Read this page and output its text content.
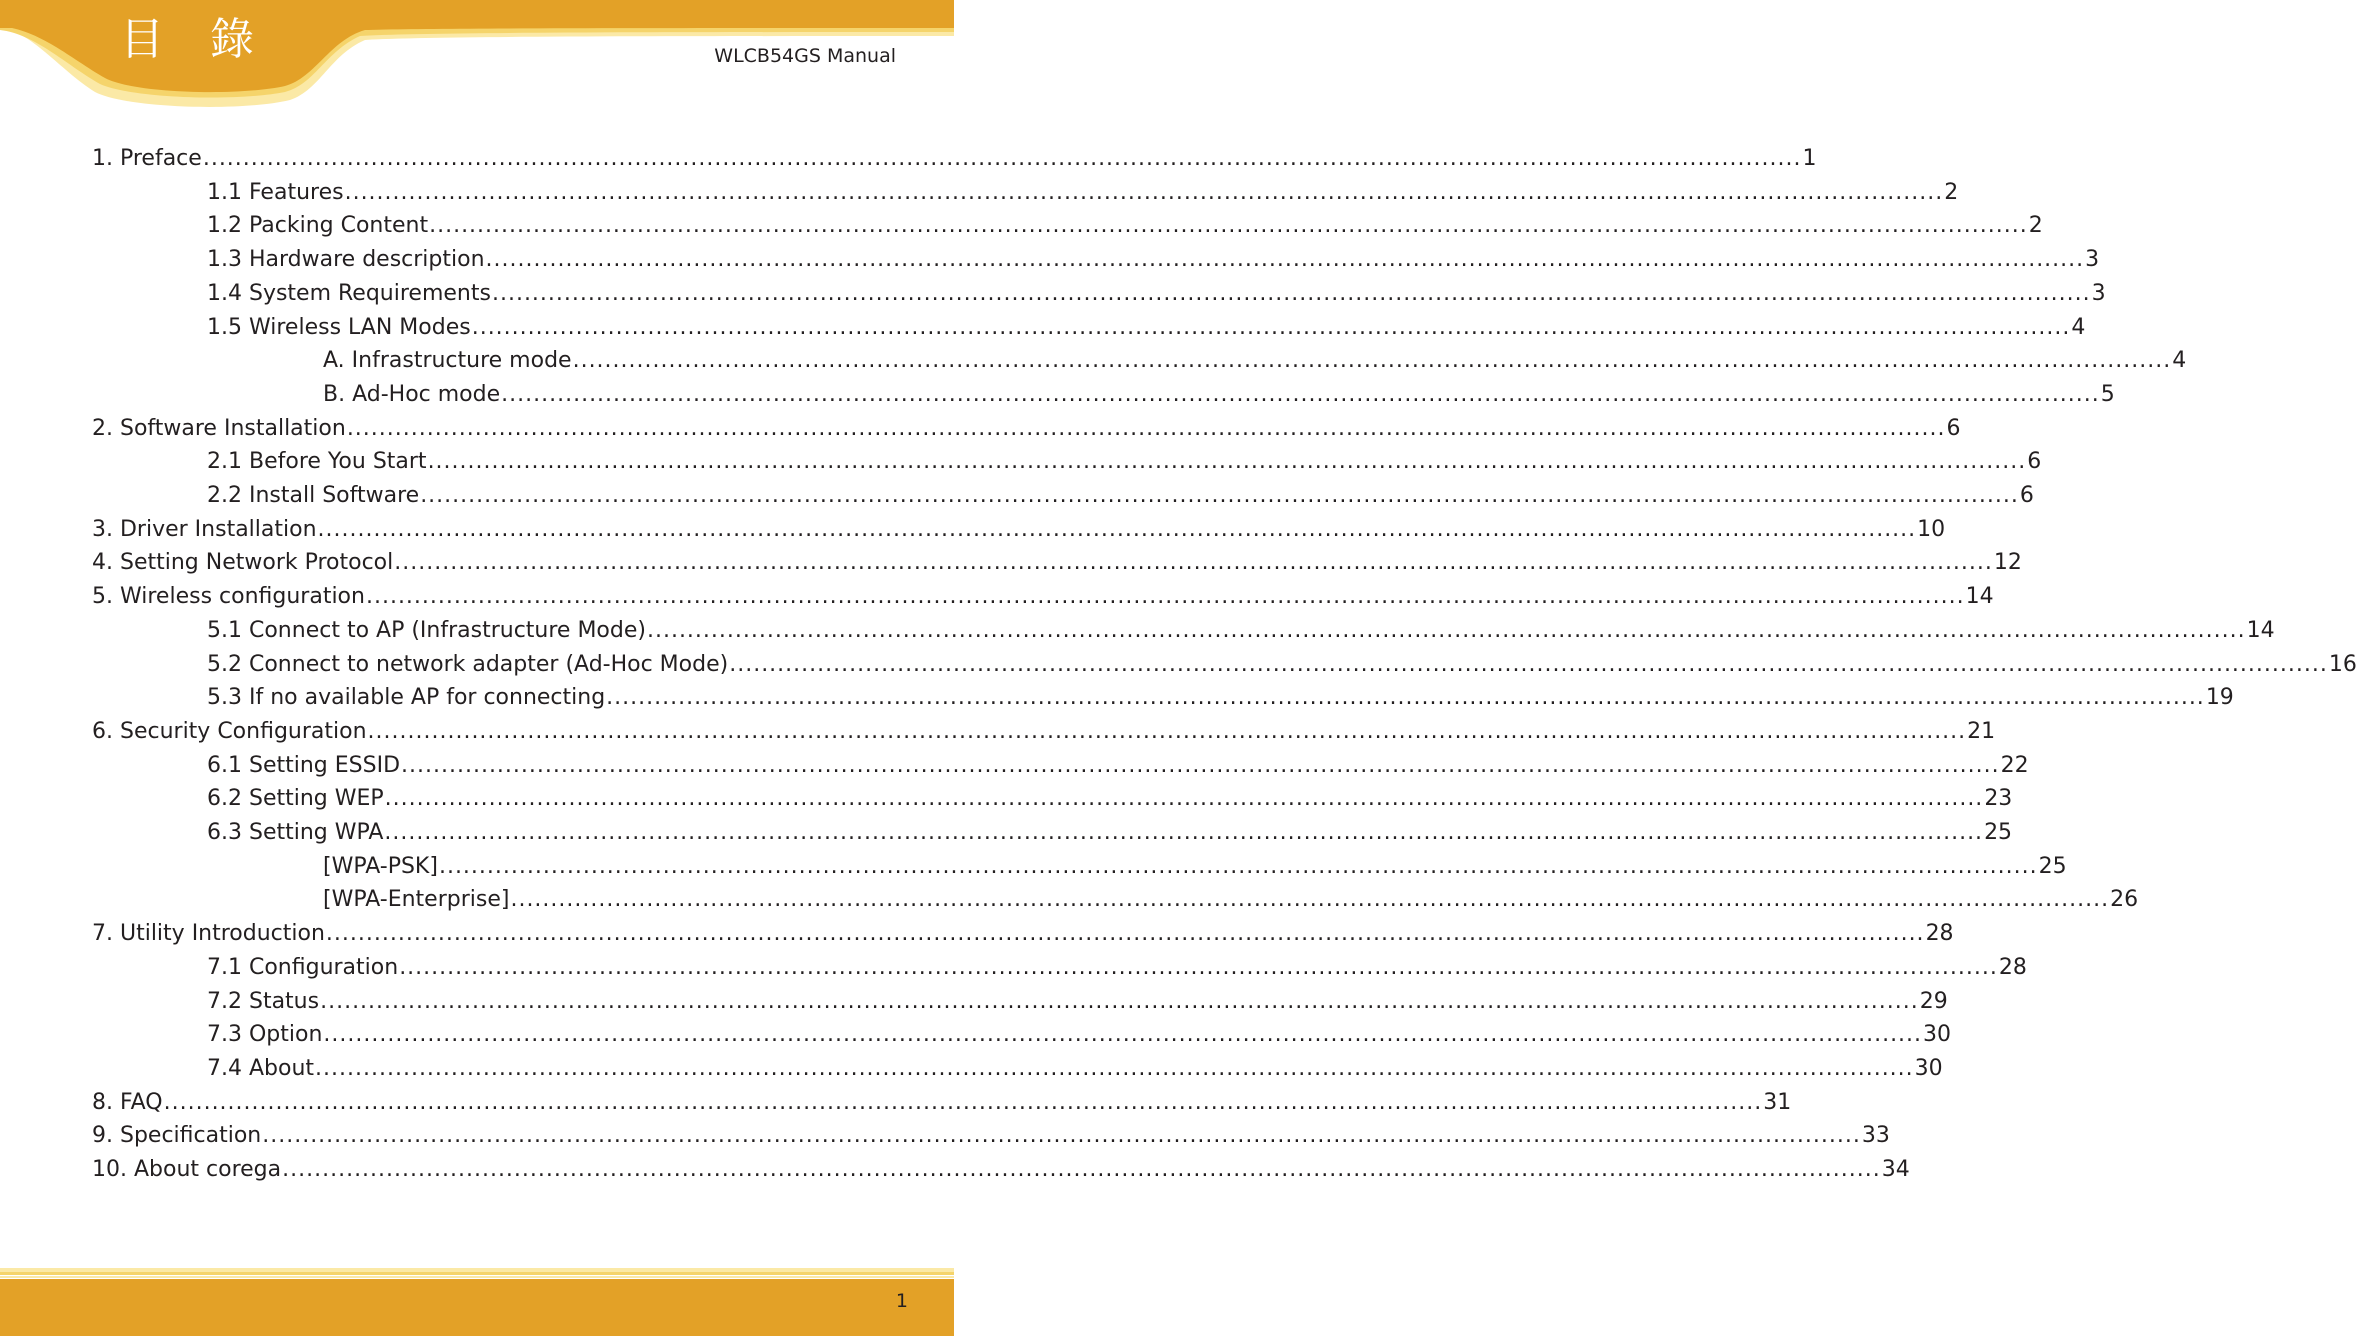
目 錄	WLCB54GS Manual
1. Preface ........................................................................................................................................................................................................ 1
1.1 Features ........................................................................................................................................................................................................ 2
1.2 Packing Content ........................................................................................................................................................................................................ 2
1.3 Hardware description ........................................................................................................................................................................................................ 3
1.4 System Requirements ........................................................................................................................................................................................................ 3
1.5 Wireless LAN Modes ........................................................................................................................................................................................................ 4
A. Infrastructure mode ........................................................................................................................................................................................................ 4
B. Ad-Hoc mode ........................................................................................................................................................................................................ 5
2. Software Installation ........................................................................................................................................................................................................ 6
2.1 Before You Start ........................................................................................................................................................................................................ 6
2.2 Install Software ........................................................................................................................................................................................................ 6
3. Driver Installation ........................................................................................................................................................................................................ 10
4. Setting Network Protocol ........................................................................................................................................................................................................ 12
5. Wireless configuration ........................................................................................................................................................................................................ 14
5.1 Connect to AP (Infrastructure Mode) ........................................................................................................................................................................................................ 14
5.2 Connect to network adapter (Ad-Hoc Mode) ........................................................................................................................................................................................................ 16
5.3 If no available AP for connecting ........................................................................................................................................................................................................ 19
6. Security Configuration ........................................................................................................................................................................................................ 21
6.1 Setting ESSID ........................................................................................................................................................................................................ 22
6.2 Setting WEP ........................................................................................................................................................................................................ 23
6.3 Setting WPA ........................................................................................................................................................................................................ 25
[WPA-PSK] ........................................................................................................................................................................................................ 25
[WPA-Enterprise] ........................................................................................................................................................................................................ 26
7. Utility Introduction ........................................................................................................................................................................................................ 28
7.1 Configuration ........................................................................................................................................................................................................ 28
7.2 Status ........................................................................................................................................................................................................ 29
7.3 Option ........................................................................................................................................................................................................ 30
7.4 About ........................................................................................................................................................................................................ 30
8. FAQ ........................................................................................................................................................................................................ 31
9. Specification ........................................................................................................................................................................................................ 33
10. About corega ........................................................................................................................................................................................................ 34
1
